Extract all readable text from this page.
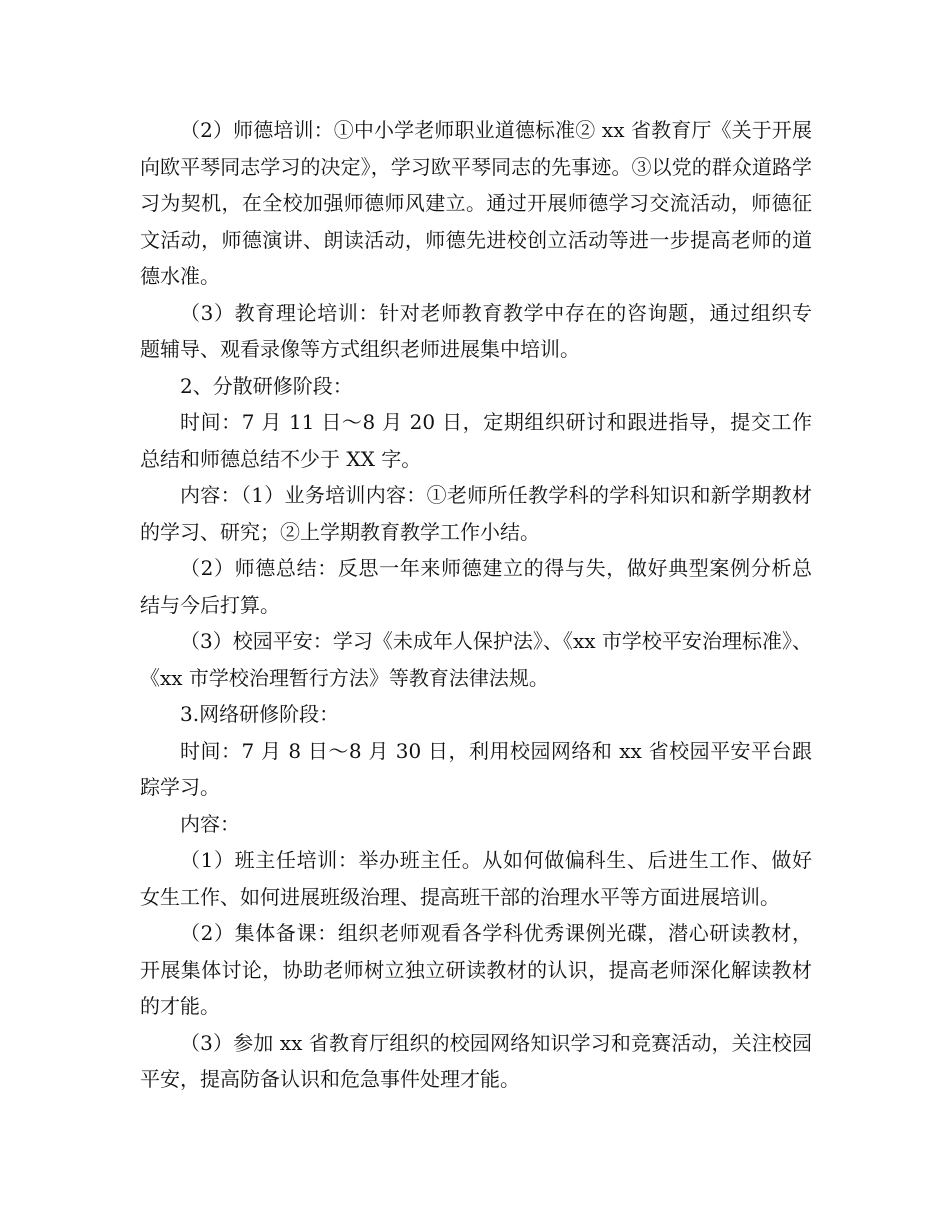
（2）师德培训：①中小学老师职业道德标准② xx 省教育厅《关于开展向欧平琴同志学习的决定》，学习欧平琴同志的先事迹。③以党的群众道路学习为契机，在全校加强师德师风建立。通过开展师德学习交流活动，师德征文活动，师德演讲、朗读活动，师德先进校创立活动等进一步提高老师的道德水准。

（3）教育理论培训：针对老师教育教学中存在的咨询题，通过组织专题辅导、观看录像等方式组织老师进展集中培训。

2、分散研修阶段：

时间：7 月 11 日～8 月 20 日，定期组织研讨和跟进指导，提交工作总结和师德总结不少于 XX 字。

内容：（1）业务培训内容：①老师所任教学科的学科知识和新学期教材的学习、研究；②上学期教育教学工作小结。

（2）师德总结：反思一年来师德建立的得与失，做好典型案例分析总结与今后打算。

（3）校园平安：学习《未成年人保护法》、《xx 市学校平安治理标准》、《xx 市学校治理暂行方法》等教育法律法规。

3.网络研修阶段：

时间：7 月 8 日～8 月 30 日，利用校园网络和 xx 省校园平安平台跟踪学习。

内容：

（1）班主任培训：举办班主任。从如何做偏科生、后进生工作、做好女生工作、如何进展班级治理、提高班干部的治理水平等方面进展培训。

（2）集体备课：组织老师观看各学科优秀课例光碟，潜心研读教材，开展集体讨论，协助老师树立独立研读教材的认识，提高老师深化解读教材的才能。

（3）参加 xx 省教育厅组织的校园网络知识学习和竞赛活动，关注校园平安，提高防备认识和危急事件处理才能。
